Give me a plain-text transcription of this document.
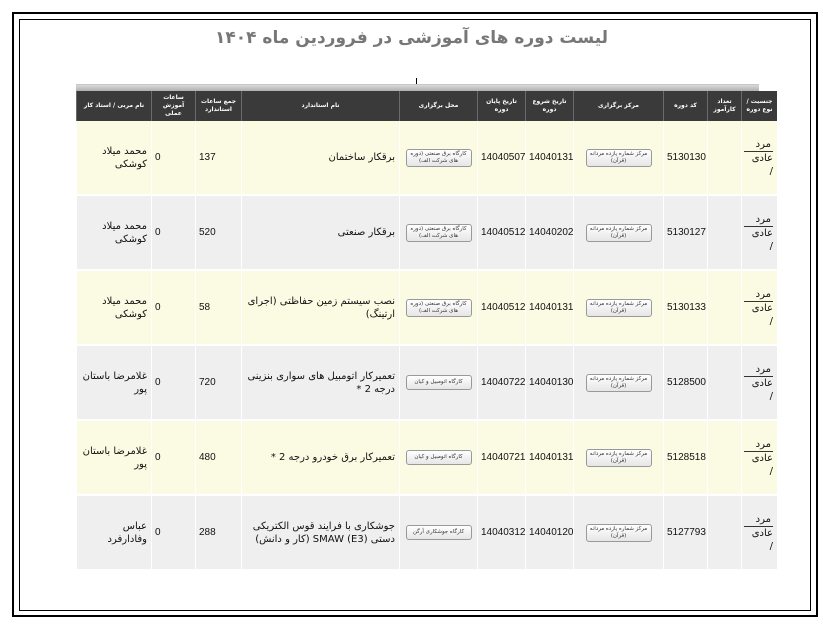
لیست دوره های آموزشی در فروردین ماه ۱۴۰۴
جنسیت / نوع دوره	تعداد کارآموز	کد دوره	مرکز برگزاری	تاریخ شروع دوره	تاریخ پایان دوره	محل برگزاری	نام استاندارد	جمع ساعات استاندارد	ساعات آموزش عملی	نام مربی / استاد کار
مرد
عادی /		5130130	مرکز شماره یازده مردانه (قرآن)	14040131	14040507	کارگاه برق صنعتی (دوره های شرکت الف)	برقکار ساختمان	137	0	محمد میلاد کوشکی
مرد
عادی /		5130127	مرکز شماره یازده مردانه (قرآن)	14040202	14040512	کارگاه برق صنعتی (دوره های شرکت الف)	برقکار صنعتی	520	0	محمد میلاد کوشکی
مرد
عادی /		5130133	مرکز شماره یازده مردانه (قرآن)	14040131	14040512	کارگاه برق صنعتی (دوره های شرکت الف)	نصب سیستم زمین حفاظتی (اجرای ارتینگ)	58	0	محمد میلاد کوشکی
مرد
عادی /		5128500	مرکز شماره یازده مردانه (قرآن)	14040130	14040722	کارگاه اتومبیل و کیان	تعمیرکار اتومبیل های سواری بنزینی درجه 2 *	720	0	غلامرضا باستان پور
مرد
عادی /		5128518	مرکز شماره یازده مردانه (قرآن)	14040131	14040721	کارگاه اتومبیل و کیان	تعمیرکار برق خودرو درجه 2 *	480	0	غلامرضا باستان پور
مرد
عادی /		5127793	مرکز شماره یازده مردانه (قرآن)	14040120	14040312	کارگاه جوشکاری آرگن	جوشکاری با فرایند قوس الکتریکی دستی SMAW (E3) (کار و دانش)	288	0	عباس وفادارفرد
